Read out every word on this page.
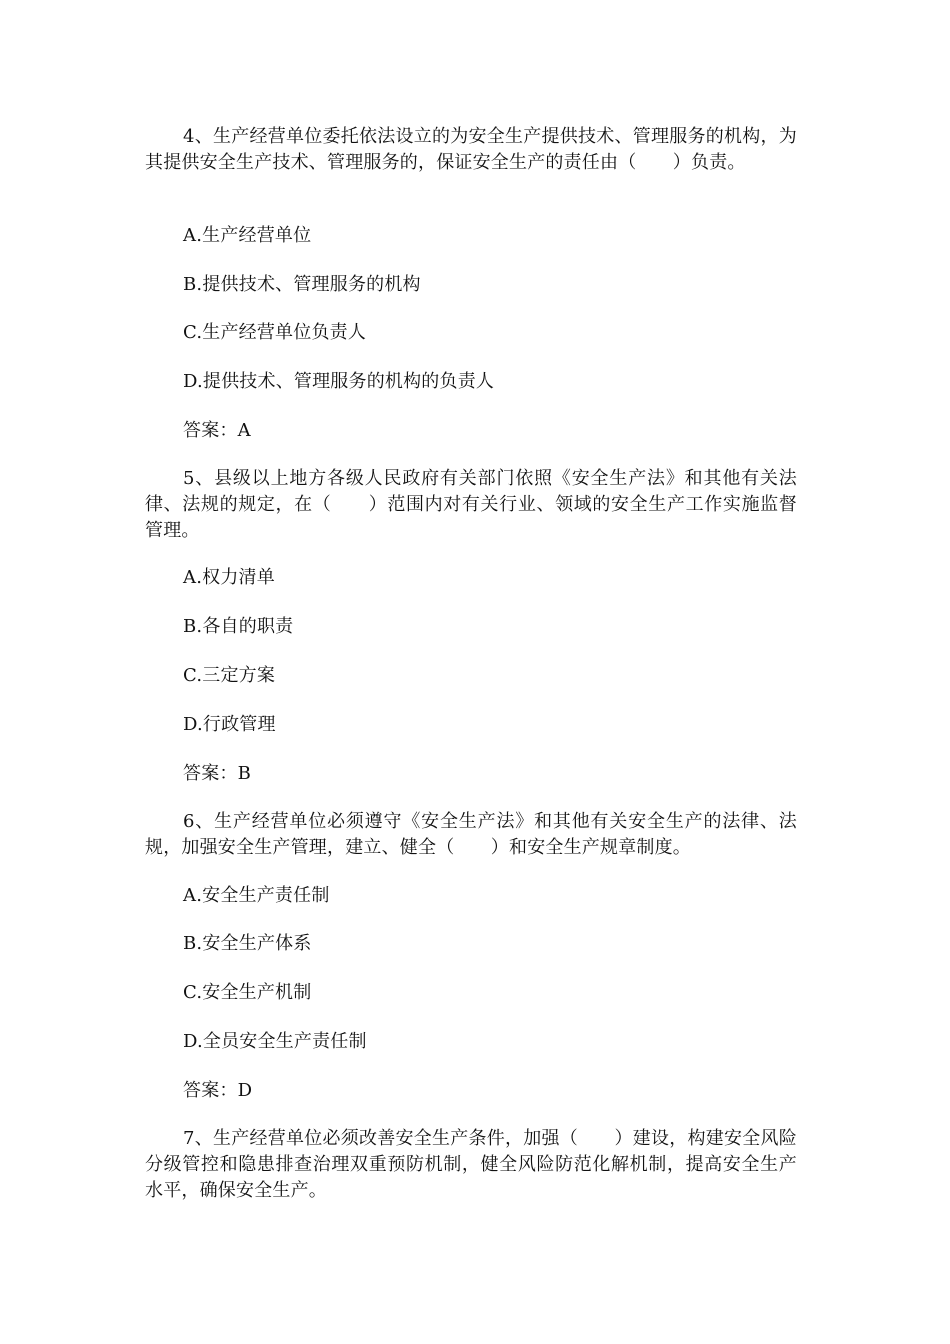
4、生产经营单位委托依法设立的为安全生产提供技术、管理服务的机构，为其提供安全生产技术、管理服务的，保证安全生产的责任由（　　）负责。
A.生产经营单位
B.提供技术、管理服务的机构
C.生产经营单位负责人
D.提供技术、管理服务的机构的负责人
答案：A
5、县级以上地方各级人民政府有关部门依照《安全生产法》和其他有关法律、法规的规定，在（　　）范围内对有关行业、领域的安全生产工作实施监督管理。
A.权力清单
B.各自的职责
C.三定方案
D.行政管理
答案：B
6、生产经营单位必须遵守《安全生产法》和其他有关安全生产的法律、法规，加强安全生产管理，建立、健全（　　）和安全生产规章制度。
A.安全生产责任制
B.安全生产体系
C.安全生产机制
D.全员安全生产责任制
答案：D
7、生产经营单位必须改善安全生产条件，加强（　　）建设，构建安全风险分级管控和隐患排查治理双重预防机制，健全风险防范化解机制，提高安全生产水平，确保安全生产。
